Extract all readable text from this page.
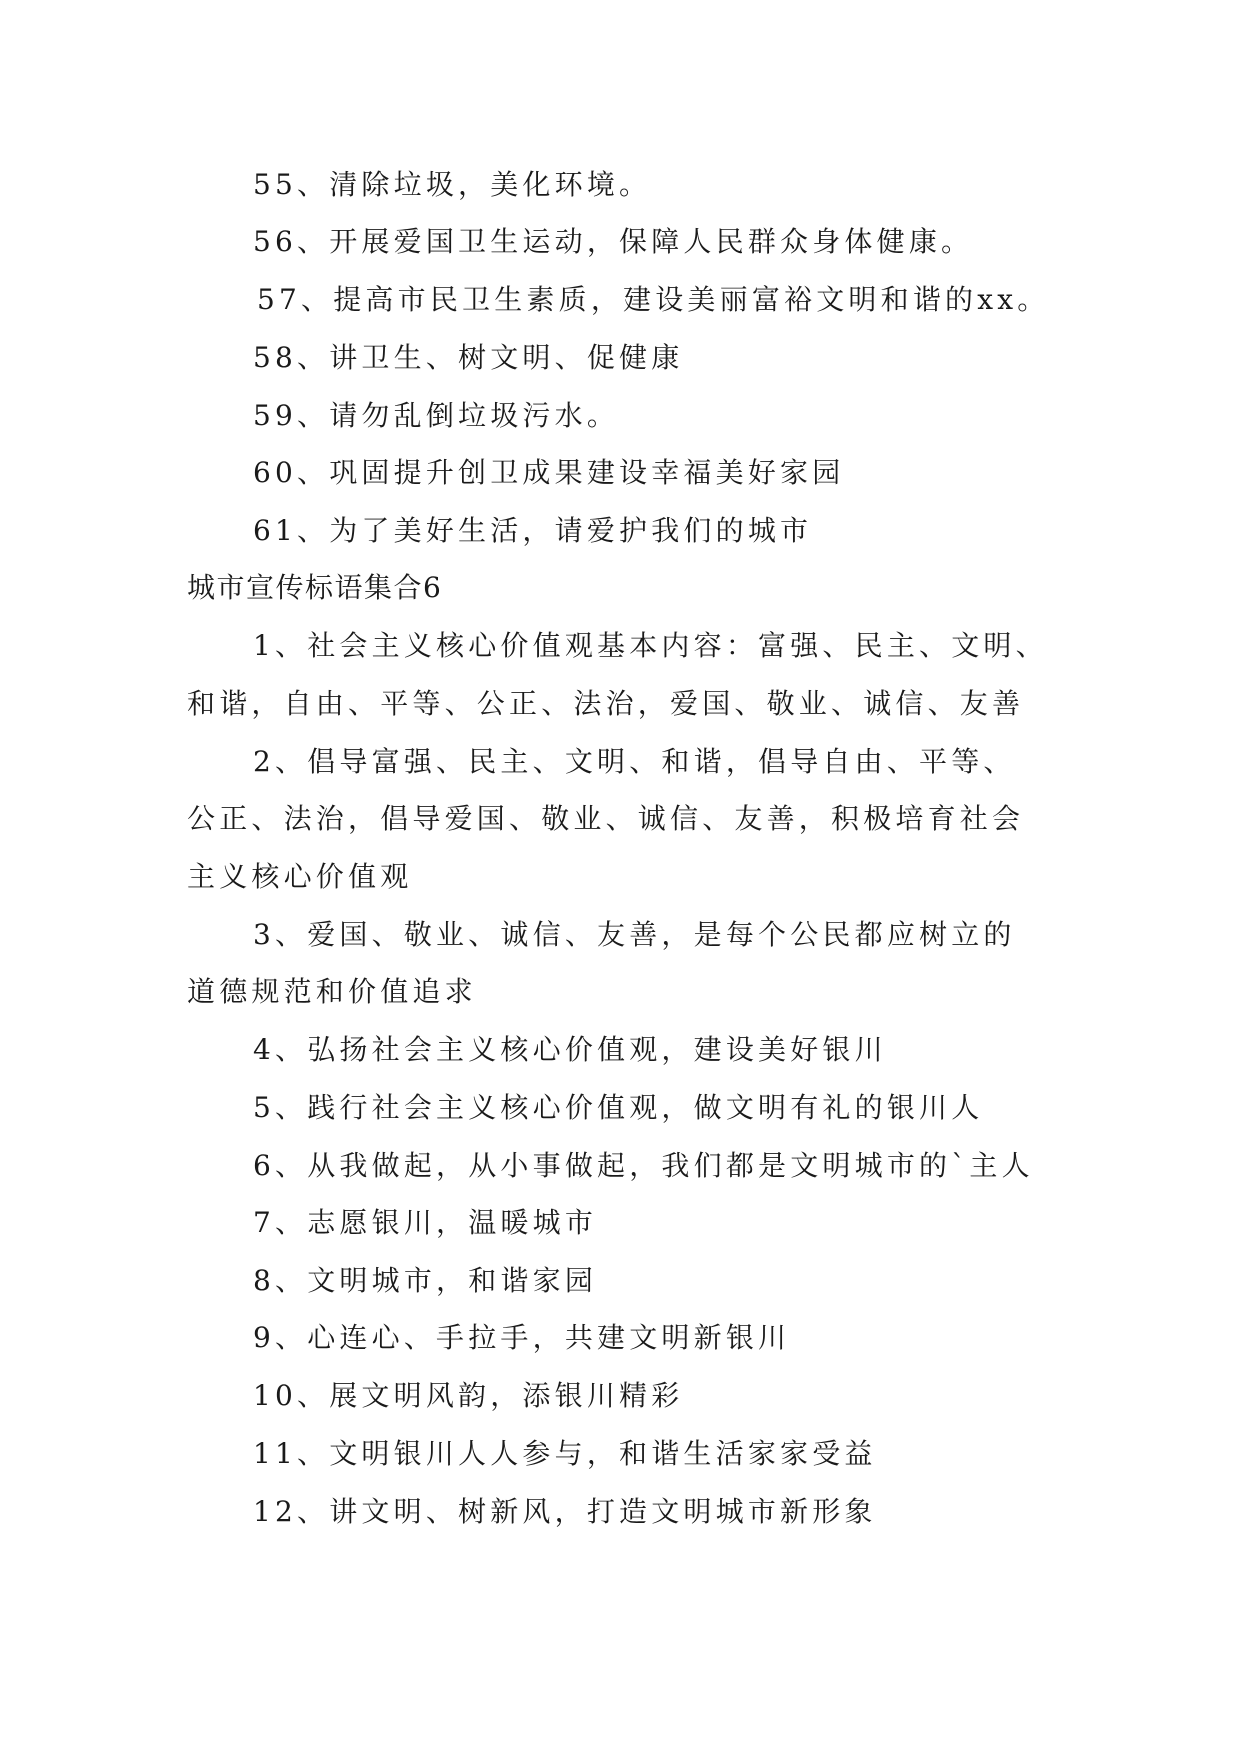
55、清除垃圾，美化环境。
56、开展爱国卫生运动，保障人民群众身体健康。
57、提高市民卫生素质，建设美丽富裕文明和谐的xx。
58、讲卫生、树文明、促健康
59、请勿乱倒垃圾污水。
60、巩固提升创卫成果建设幸福美好家园
61、为了美好生活，请爱护我们的城市
城市宣传标语集合6
1、社会主义核心价值观基本内容：富强、民主、文明、
和谐，自由、平等、公正、法治，爱国、敬业、诚信、友善
2、倡导富强、民主、文明、和谐，倡导自由、平等、
公正、法治，倡导爱国、敬业、诚信、友善，积极培育社会
主义核心价值观
3、爱国、敬业、诚信、友善，是每个公民都应树立的
道德规范和价值追求
4、弘扬社会主义核心价值观，建设美好银川
5、践行社会主义核心价值观，做文明有礼的银川人
6、从我做起，从小事做起，我们都是文明城市的`主人
7、志愿银川，温暖城市
8、文明城市，和谐家园
9、心连心、手拉手，共建文明新银川
10、展文明风韵，添银川精彩
11、文明银川人人参与，和谐生活家家受益
12、讲文明、树新风，打造文明城市新形象
